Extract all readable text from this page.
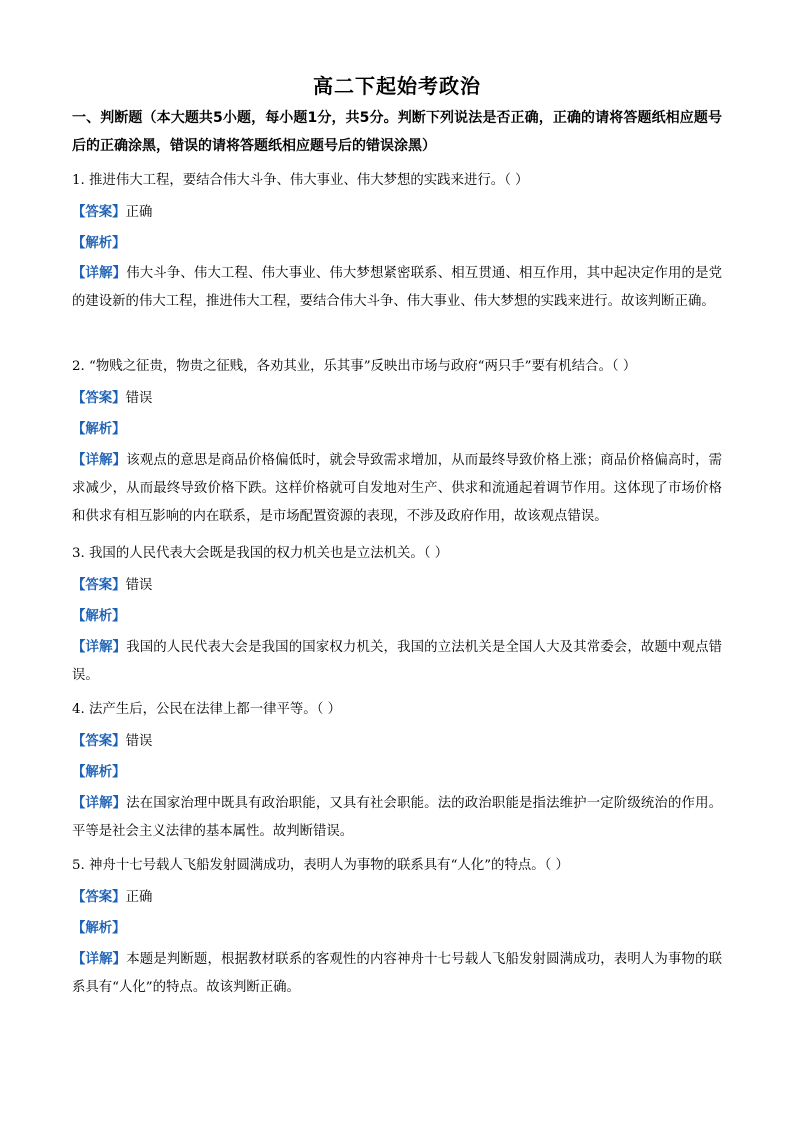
高二下起始考政治
一、判断题（本大题共5小题，每小题1分，共5分。判断下列说法是否正确，正确的请将答题纸相应题号后的正确涂黑，错误的请将答题纸相应题号后的错误涂黑）
1. 推进伟大工程，要结合伟大斗争、伟大事业、伟大梦想的实践来进行。（ ）
【答案】正确
【解析】
【详解】伟大斗争、伟大工程、伟大事业、伟大梦想紧密联系、相互贯通、相互作用，其中起决定作用的是党的建设新的伟大工程，推进伟大工程，要结合伟大斗争、伟大事业、伟大梦想的实践来进行。故该判断正确。
2. “物贱之征贵，物贵之征贱，各劝其业，乐其事”反映出市场与政府“两只手”要有机结合。（ ）
【答案】错误
【解析】
【详解】该观点的意思是商品价格偏低时，就会导致需求增加，从而最终导致价格上涨；商品价格偏高时，需求减少，从而最终导致价格下跌。这样价格就可自发地对生产、供求和流通起着调节作用。这体现了市场价格和供求有相互影响的内在联系，是市场配置资源的表现，不涉及政府作用，故该观点错误。
3. 我国的人民代表大会既是我国的权力机关也是立法机关。（ ）
【答案】错误
【解析】
【详解】我国的人民代表大会是我国的国家权力机关，我国的立法机关是全国人大及其常委会，故题中观点错误。
4. 法产生后，公民在法律上都一律平等。（ ）
【答案】错误
【解析】
【详解】法在国家治理中既具有政治职能，又具有社会职能。法的政治职能是指法维护一定阶级统治的作用。平等是社会主义法律的基本属性。故判断错误。
5. 神舟十七号载人飞船发射圆满成功，表明人为事物的联系具有“人化”的特点。（ ）
【答案】正确
【解析】
【详解】本题是判断题，根据教材联系的客观性的内容神舟十七号载人飞船发射圆满成功，表明人为事物的联系具有“人化”的特点。故该判断正确。
